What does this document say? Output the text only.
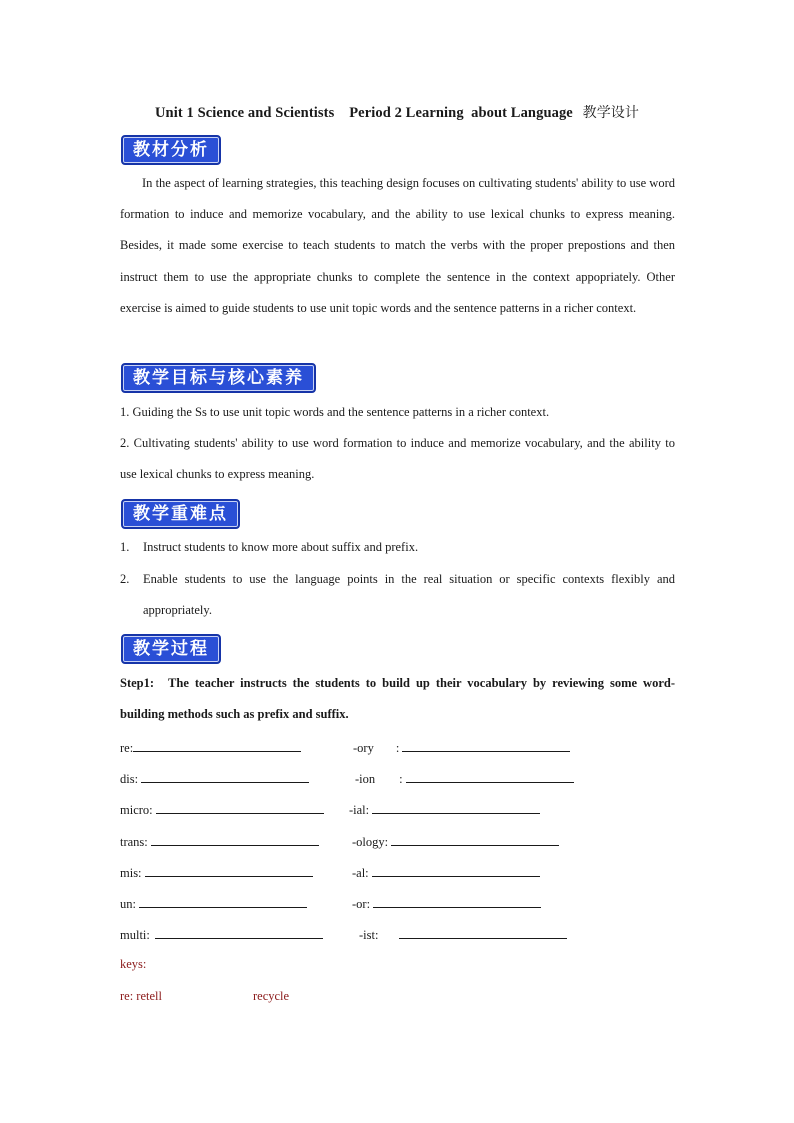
Unit 1 Science and Scientists    Period 2 Learning  about Language 教学设计
教材分析
In the aspect of learning strategies, this teaching design focuses on cultivating students' ability to use word formation to induce and memorize vocabulary, and the ability to use lexical chunks to express meaning. Besides, it made some exercise to teach students to match the verbs with the proper prepostions and then instruct them to use the appropriate chunks to complete the sentence in the context appopriately. Other exercise is aimed to guide students to use unit topic words and the sentence patterns in a richer context.
教学目标与核心素养
1. Guiding the Ss to use unit topic words and the sentence patterns in a richer context.
2. Cultivating students' ability to use word formation to induce and memorize vocabulary, and the ability to use lexical chunks to express meaning.
教学重难点
1. Instruct students to know more about suffix and prefix.
2. Enable students to use the language points in the real situation or specific contexts flexibly and appropriately.
教学过程
Step1: The teacher instructs the students to build up their vocabulary by reviewing some word-building methods such as prefix and suffix.
re:	-ory :
dis:	-ion :
micro:	-ial:
trans:	-ology:
mis:	-al:
un:	-or:
multi:	-ist:
keys:
re: retell	recycle
